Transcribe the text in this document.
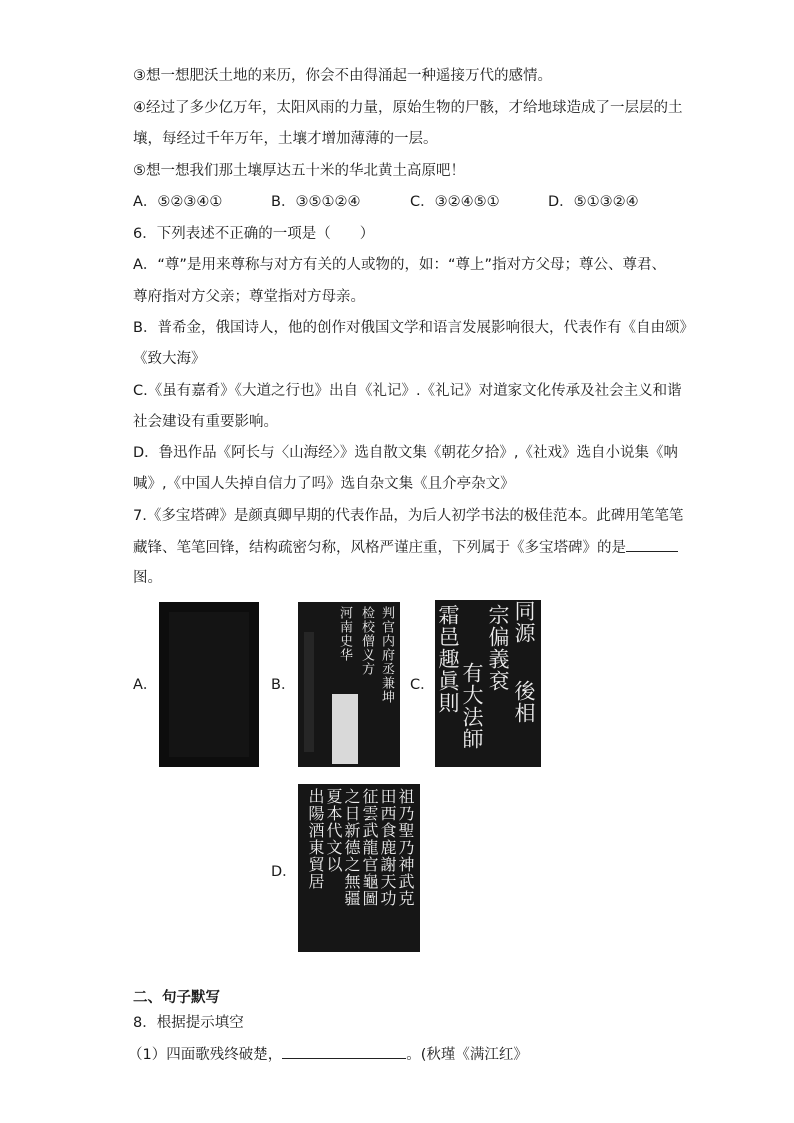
③想一想肥沃土地的来历，你会不由得涌起一种遥接万代的感情。
④经过了多少亿万年，太阳风雨的力量，原始生物的尸骸，才给地球造成了一层层的土
壤，每经过千年万年，土壤才增加薄薄的一层。
⑤想一想我们那土壤厚达五十米的华北黄土高原吧！
A．⑤②③④①	B．③⑤①②④	C．③②④⑤①	D．⑤①③②④
6．下列表述不正确的一项是（　　）
A．“尊”是用来尊称与对方有关的人或物的，如：“尊上”指对方父母；尊公、尊君、
尊府指对方父亲；尊堂指对方母亲。
B．普希金，俄国诗人，他的创作对俄国文学和语言发展影响很大，代表作有《自由颂》
《致大海》
C.《虽有嘉肴》《大道之行也》出自《礼记》.《礼记》对道家文化传承及社会主义和谐
社会建设有重要影响。
D．鲁迅作品《阿长与〈山海经〉》选自散文集《朝花夕拾》,《社戏》选自小说集《呐
喊》,《中国人失掉自信力了吗》选自杂文集《且介亭杂文》
7.《多宝塔碑》是颜真卿早期的代表作品，为后人初学书法的极佳范本。此碑用笔笔笔
藏锋、笔笔回锋，结构疏密匀称，风格严谨庄重，下列属于《多宝塔碑》的是
图。
A．	B．	判官内府丞兼坤
检校僧义方
河南史华
C．	後相
同源
宗偏義袞
有大法師
霜邑趣眞則
D．	祖乃聖乃神武克
田西食鹿謝天功
征雲武龍官龜圖
之日新德之無疆
夏本代文以
出陽酒東貿居
二、句子默写
8．根据提示填空
（1）四面歌残终破楚，	。(秋瑾《满江红》
